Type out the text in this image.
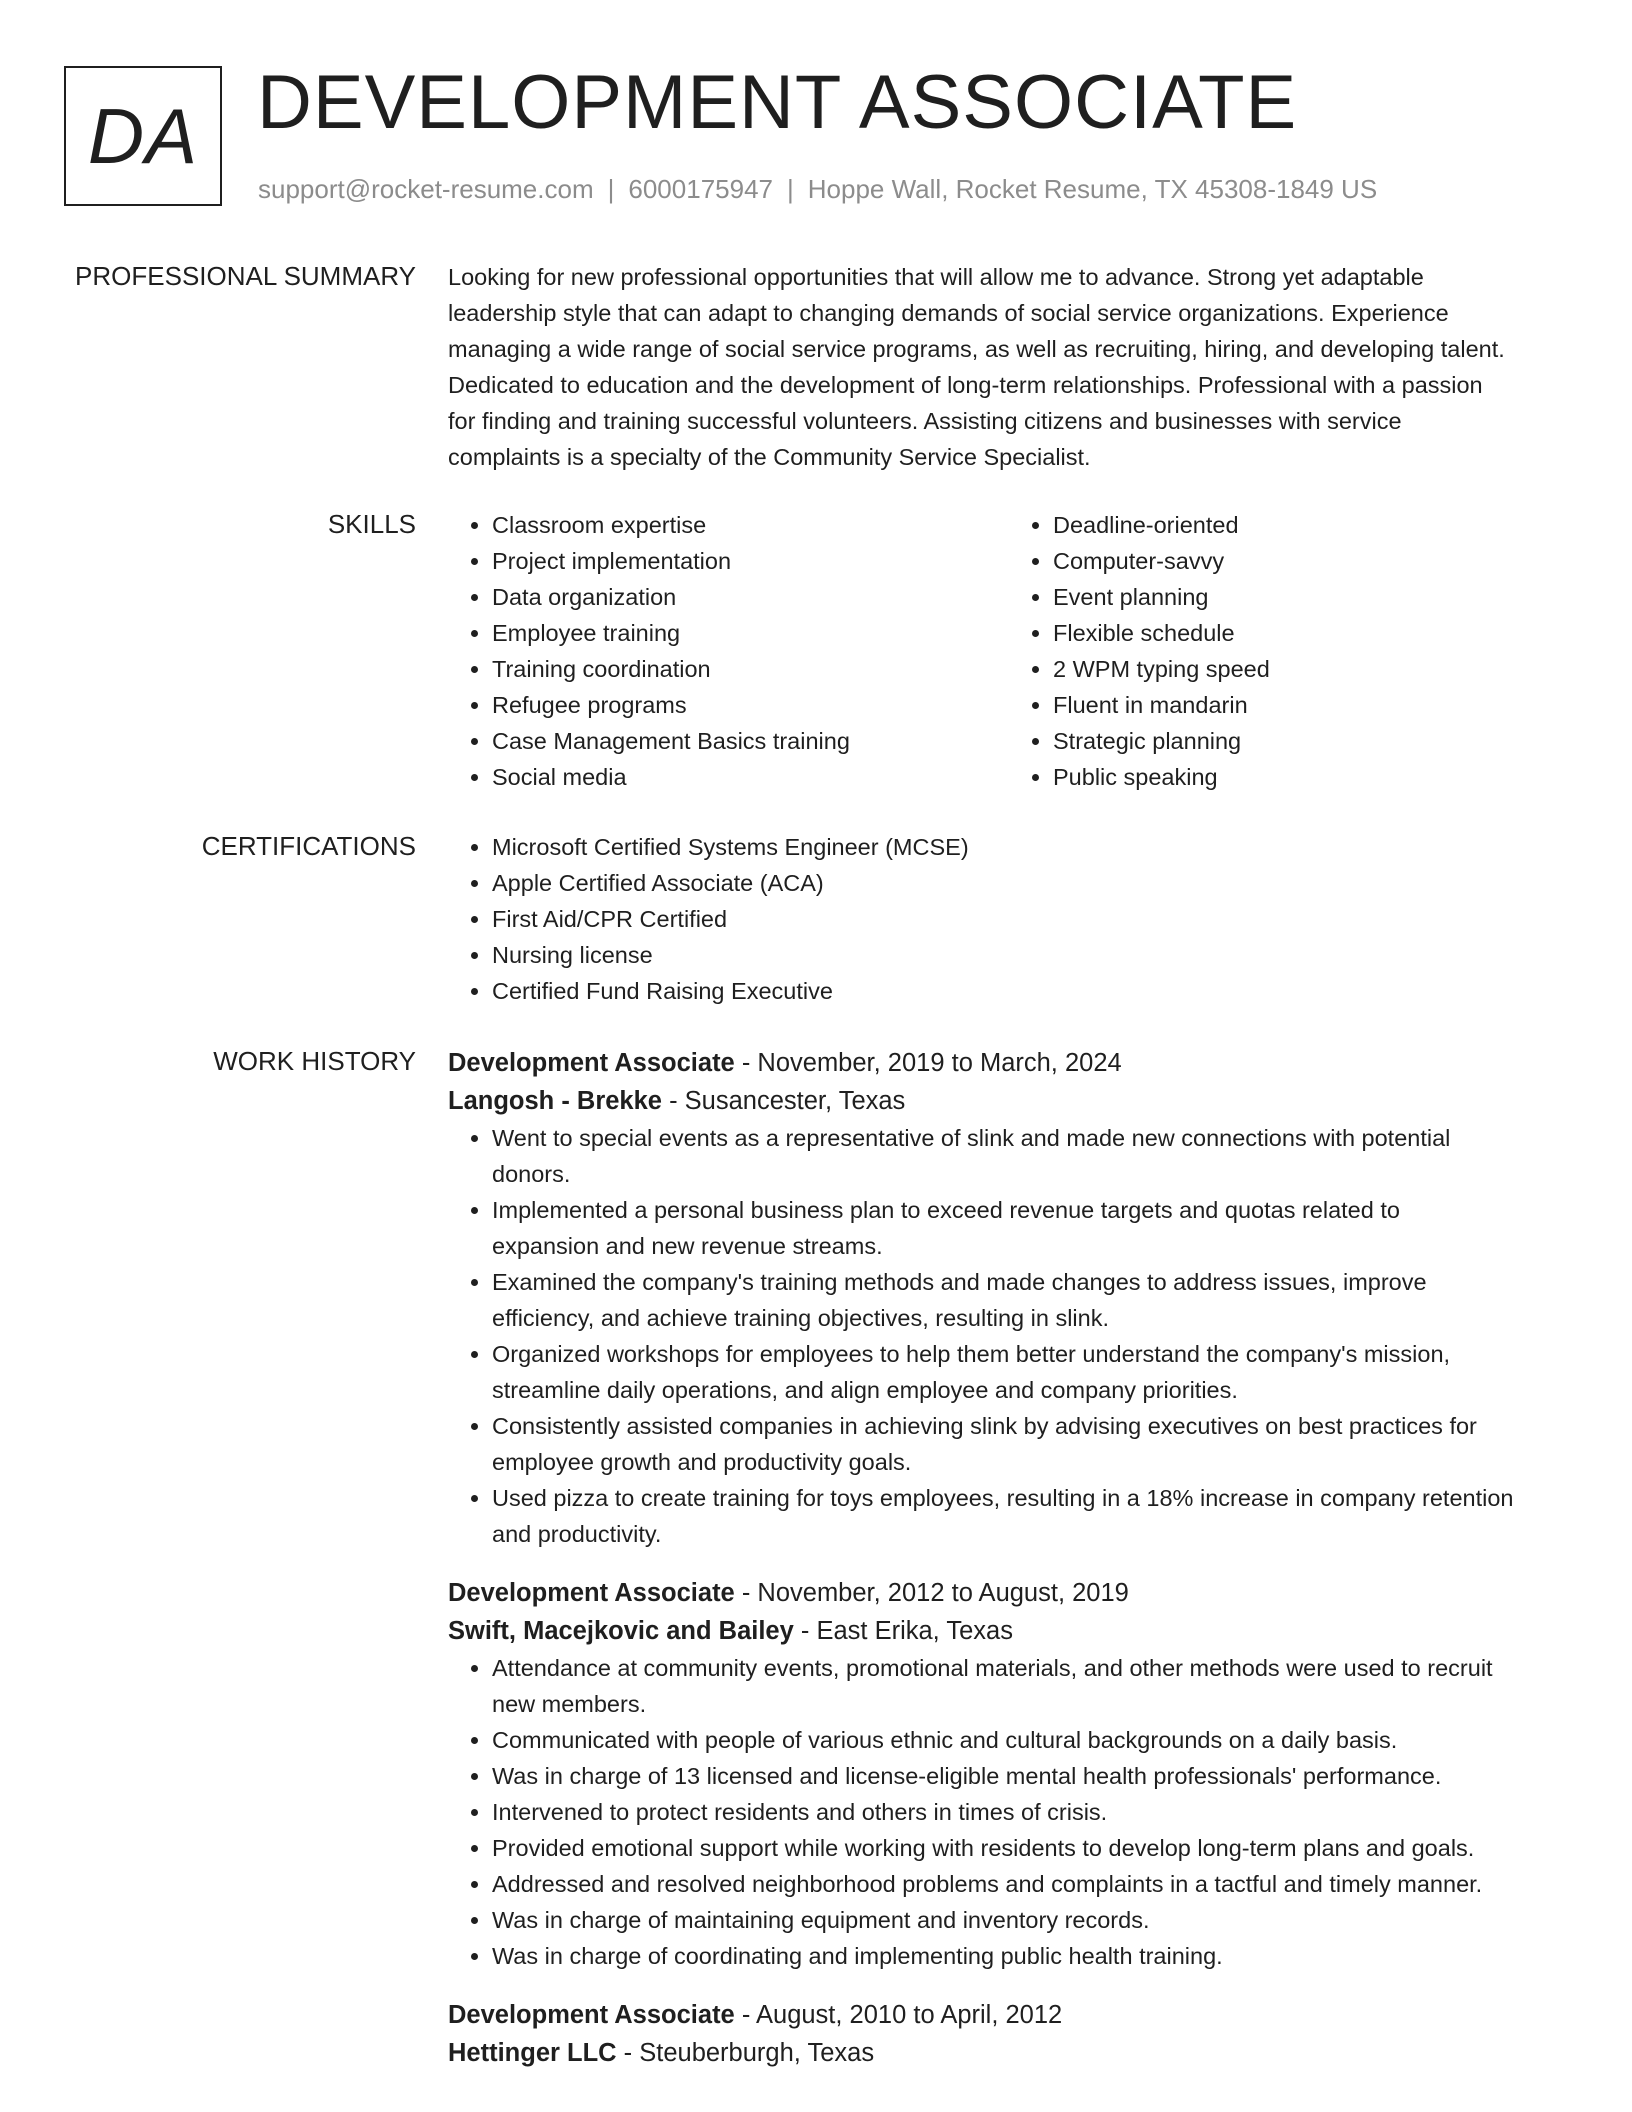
DA DEVELOPMENT ASSOCIATE
support@rocket-resume.com | 6000175947 | Hoppe Wall, Rocket Resume, TX 45308-1849 US
PROFESSIONAL SUMMARY Looking for new professional opportunities that will allow me to advance. Strong yet adaptable
leadership style that can adapt to changing demands of social service organizations. Experience
managing a wide range of social service programs, as well as recruiting, hiring, and developing talent.
Dedicated to education and the development of long-term relationships. Professional with a passion
for finding and training successful volunteers. Assisting citizens and businesses with service
complaints is a specialty of the Community Service Specialist.
SKILLS	• Classroom expertise
• Project implementation
• Data organization
• Employee training
• Training coordination
• Refugee programs
• Case Management Basics training
• Social media
• Deadline-oriented
• Computer-savvy
• Event planning
• Flexible schedule
• 2 WPM typing speed
• Fluent in mandarin
• Strategic planning
• Public speaking
CERTIFICATIONS	• Microsoft Certified Systems Engineer (MCSE)
• Apple Certified Associate (ACA)
• First Aid/CPR Certified
• Nursing license
• Certified Fund Raising Executive
WORK HISTORY Development Associate - November, 2019 to March, 2024
Langosh - Brekke - Susancester, Texas
• Went to special events as a representative of slink and made new connections with potential
donors.
• Implemented a personal business plan to exceed revenue targets and quotas related to
expansion and new revenue streams.
• Examined the company's training methods and made changes to address issues, improve
efficiency, and achieve training objectives, resulting in slink.
• Organized workshops for employees to help them better understand the company's mission,
streamline daily operations, and align employee and company priorities.
• Consistently assisted companies in achieving slink by advising executives on best practices for
employee growth and productivity goals.
• Used pizza to create training for toys employees, resulting in a 18% increase in company retention
and productivity.
Development Associate - November, 2012 to August, 2019
Swift, Macejkovic and Bailey - East Erika, Texas
• Attendance at community events, promotional materials, and other methods were used to recruit
new members.
• Communicated with people of various ethnic and cultural backgrounds on a daily basis.
• Was in charge of 13 licensed and license-eligible mental health professionals' performance.
• Intervened to protect residents and others in times of crisis.
• Provided emotional support while working with residents to develop long-term plans and goals.
• Addressed and resolved neighborhood problems and complaints in a tactful and timely manner.
• Was in charge of maintaining equipment and inventory records.
• Was in charge of coordinating and implementing public health training.
Development Associate - August, 2010 to April, 2012
Hettinger LLC - Steuberburgh, Texas
